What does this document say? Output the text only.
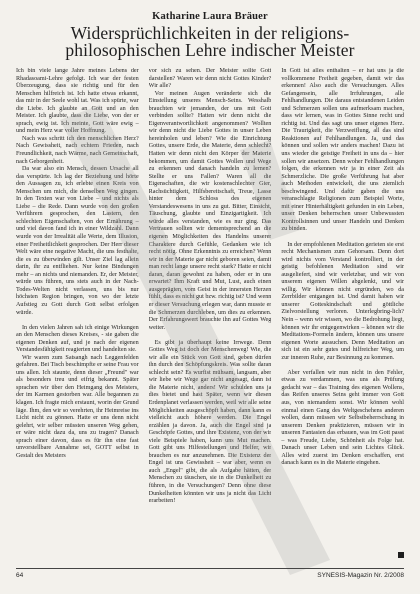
Katharine Laura Bräuer
Widersprüchlichkeiten in der religions-
philosophischen Lehre indischer Meister

Ich bin viele lange Jahre meines Lebens der Rhadasoami-Lehre gefolgt. Ich war der festen Überzeugung, dass sie richtig und für den Menschen hilfreich ist. Ich hatte etwas erkannt, das mir in der Seele wohl tat. Was ich spürte, war die Liebe. Ich glaubte an Gott und an den Meister. Ich glaubte, dass die Liebe, von der er sprach, ewig ist. Ich meinte, Gott wäre ewig – und mein Herz war voller Hoffnung.

Nach was schritt ich den menschlichen Herz? Nach Gewissheit, nach echtem Frieden, nach Freundlichkeit, nach Wärme, nach Gemeinschaft, nach Geborgenheit.

Da war also ein Mensch, dessen Ursache all das verspürte. Ich lag der Beziehung und hörte den Aussagen zu, ich erlebte einen Kreis von Menschen um mich, die denselben Weg gingen. In den Texten war von Liebe – und nichts als Liebe – die Rede. Dann wurde von den großen Verführern gesprochen, den Lastern, den schlechten Eigenschaften, von der Ernährung – und viel davon fand ich in einer Wildzahl. Dann wurde von der Irrealität alle Werte, dem Illusion, einer Freiheitlichkeit gesprochen. Der Herr dieser Welt wäre eine negative Macht, die uns festhalte, die es zu überwinden gilt. Unser Ziel lag allein darin, ihr zu entfliehen. Nur keine Bindungen mehr – an nichts und niemanden. Er, der Meister, würde uns führen, uns stets auch in der Nach-Todes-Welten nicht verlassen, uns bis nur höchsten Region bringen, von wo der letzte Aufstieg zu Gott durch Gott selbst erfolgen würde.

In den vielen Jahren sah ich einige Wirkungen an den Menschen dieses Kreises, - sie gaben die eigenen Denken auf, und je nach der eigenen Verstandesfähigkeit reagierten und handelten sie.

Wir waren zum Satsangh nach Leggenfelden gefahren. Bei Tisch beschimpfte er seine Frau vor uns allen. Ich staunte, denn dieser „Freund" war als besonders treu und eifrig bekannt. Später sprachen wir über den Heimgang des Meisters, der im Karmen gestorben war. Alle begannen zu klagen. Ich fragte mich erstaunt, worin der Grund läge. Ihm, den wir so verehrten, ihr Heimreise ins Licht nicht zu gönnen. Hatte er uns denn nicht gelehrt, wir selber müssten unseren Weg gehen, er wäre nicht dazu da, uns zu tragen? Danach sprach einer davon, dass es für ihn eine fast unvorstellbare Annahme sei, GOTT selbst in Gestalt des Meisters

vor sich zu sehen. Der Meister sollte Gott darstellen? Waren wir denn nicht Gottes Kinder? Wir alle?

Vor meinen Augen veränderte sich die Einstellung unseres Mensch-Seins. Wesshalb brauchten wir jemanden, der uns mit Gott verbinden sollte? Hatten wir denn nicht die Eigenverantwortlichkeit angenommen? Wollten wir denn nicht die Liebe Gottes in unser Leben hereinholen und leben? Wie die Einrichtung Gottes, unsere Erde, die Materie, denn schlecht? Hatten wir denn nicht den Körper der Materie bekommen, um damit Gottes Wollen und Wege zu erkennen und danach handeln zu lernen? Stellte er uns Fallen? Waren all die Eigenschaften, die wir kostenschlechter Gier, Rachsüchtigkeit, Hilfsbereitschaft, Treue, Lasse hinter dem Schloss des eigenen Verstandeswesens in uns zu gut. Bitter, Einsicht, Täuschung, glaubte und Einzigartigkeit. Ich würde alles verstanden, wie es nur ging. Das Vertrauen sollten wir dementsprechend an die eigenen Möglichkeiten des Handelns unserer Charaktere durch Gefühle, Gedanken wie ich recht nötig. Ohne Erkenntnis zu erreichen? Wenn wir in der Materie gar nicht geboren seien, damit man recht lange unsere recht stark? Hatte er nicht daran, daran gewohnt zu haben, oder er in uns erwartet? Ihm Kraft und Mut, Lust, auch einen ausgeprägten, vom Geist in der innersten Herzen fühlt, dass es nicht gut bzw. richtig ist? Und wenn er dieser Versuchung erlegen war, dann musste er die Schmerzen durchleben, um dies zu erkennen. Der Erfahrungswert brauchte ihn auf Gottes Weg weiter.

Es gibt ja überhaupt keine Irrwege. Denn Gottes Weg ist doch der Menschenweg! Wie, die wir alle ein Stück von Gott sind, geben dürfen ihn durch den Schöpfungskreis. Was sollte daran schlecht sein? Es wurfist mühsam, langsam, aber wir liebe wir Wege gar nicht angesagt, dann ist die Materie nicht, anders! Wir schulden uns ja dies bietet und hast Später, wenn wir diesen Erdenplanet verlassen werden, weil wir alle seine Möglichkeiten ausgeschöpft haben, dann kann es vielleicht auch höhere werden. Die Engel erzählen ja davon. Ja, auch die Engel sind ja Geschöpfe Gottes, und ihre Existenz, von der wir viele Beispiele haben, kann uns Mut machen. Gott gibt uns Hilfestellungen und Helfer, wir brauchen es nur anzunehmen. Die Existenz der Engel ist uns Gewissheit – war aber, wenn es auch „Engel" gibt, die als Aufgabe hätten, der Menschen zu täuschen, sie in die Dunkelheit zu führen, in die Versuchungen? Denn ohne diese Dunkelheiten könnten wir uns ja nicht das Licht erarbeiten!

In Gott ist alles enthalten – er hat uns ja die vollkommene Freiheit gegeben, damit wir das erkennen! Also auch die Versuchungen. Alles Gefangensein, alle Irrfuhrungen, alle Fehlhandlungen. Die daraus entstandenen Leiden und Schmerzen sollen uns aufmerksam machen, dass wir lernen, was in Gottes Sinne recht und richtig ist. Und das sagt uns unser eigenes Herz. Die Traurigkeit, die Verzweiflung, all das sind Reaktionen auf Fehlhandlungen. Ja, und das können und sollen wir anders machen! Dazu ist uns wieder die geistige Freiheit in uns da – hier sollen wir ansetzen. Denn woher Fehlhandlungen folgen, die erkennen wir ja in einer Zeit als Schmerzliche. Die große Verführung hat aber auch Methoden entwickelt, die uns ziemlich beschwingend. Und dafür gaben die uns veranschlagte Religionen zum Beispiel Worte, mit einer Hinterhältigkeit gefunden in ein Leben, unser Denken beherrschen unser Unbewussten Kontrollsinnen und unser Handeln und Denken zu binden.

In der empfohlenen Meditation gerieten sie erst recht Mechanismen zum Gehorsam. Denn dort wird nichts vom Verstand kontrolliert, in der geistig befohlenen Meditation sind wir ausgeliefert, sind wir verletzbar, und wir von unserem eigenen Willen abgelenkt, und wir willig. Wir können nicht ergründen, wo da Zerrbilder entgangen ist. Und damit haben wir unserer Gotteskindschaft und göttliche Zielvorstellung verloren. Unterlegbring-lich? Nein – wenn wir wissen, wo die Bedrohung liegt, können wir ihr entgegenwirken – können wir die Meditations-Formeln ändern, können uns unsere eigenen Worte aussuchen. Denn Meditation an sich ist ein sehr gutes und hilfreicher Weg, um zur inneren Ruhe, zur Besinnung zu kommen.

Aber verfallen wir nun nicht in den Fehler, etwas zu verdammen, was uns als Prüfung gedacht war – das Training des eigenen Wollens, das Reifen unseres Seins geht immer von Gott aus, von niemandem sonst. Wir können wohl einmal einen Gang des Weltgeschehens anderen wollen, dann müssen wir Selbstbeherrschung in unserem Denken praktizieren, müssen wir in unseren Fantasien das erbauen, was im Gott passt – was Freude, Liebe, Schönheit als Folge hat. Danach unser Leben und sein Lichtes Glück. Alles wird zuerst im Denken erschaffen, erst danach kann es in die Materie eingehen.

64	SYNESIS-Magazin Nr. 2/2008
